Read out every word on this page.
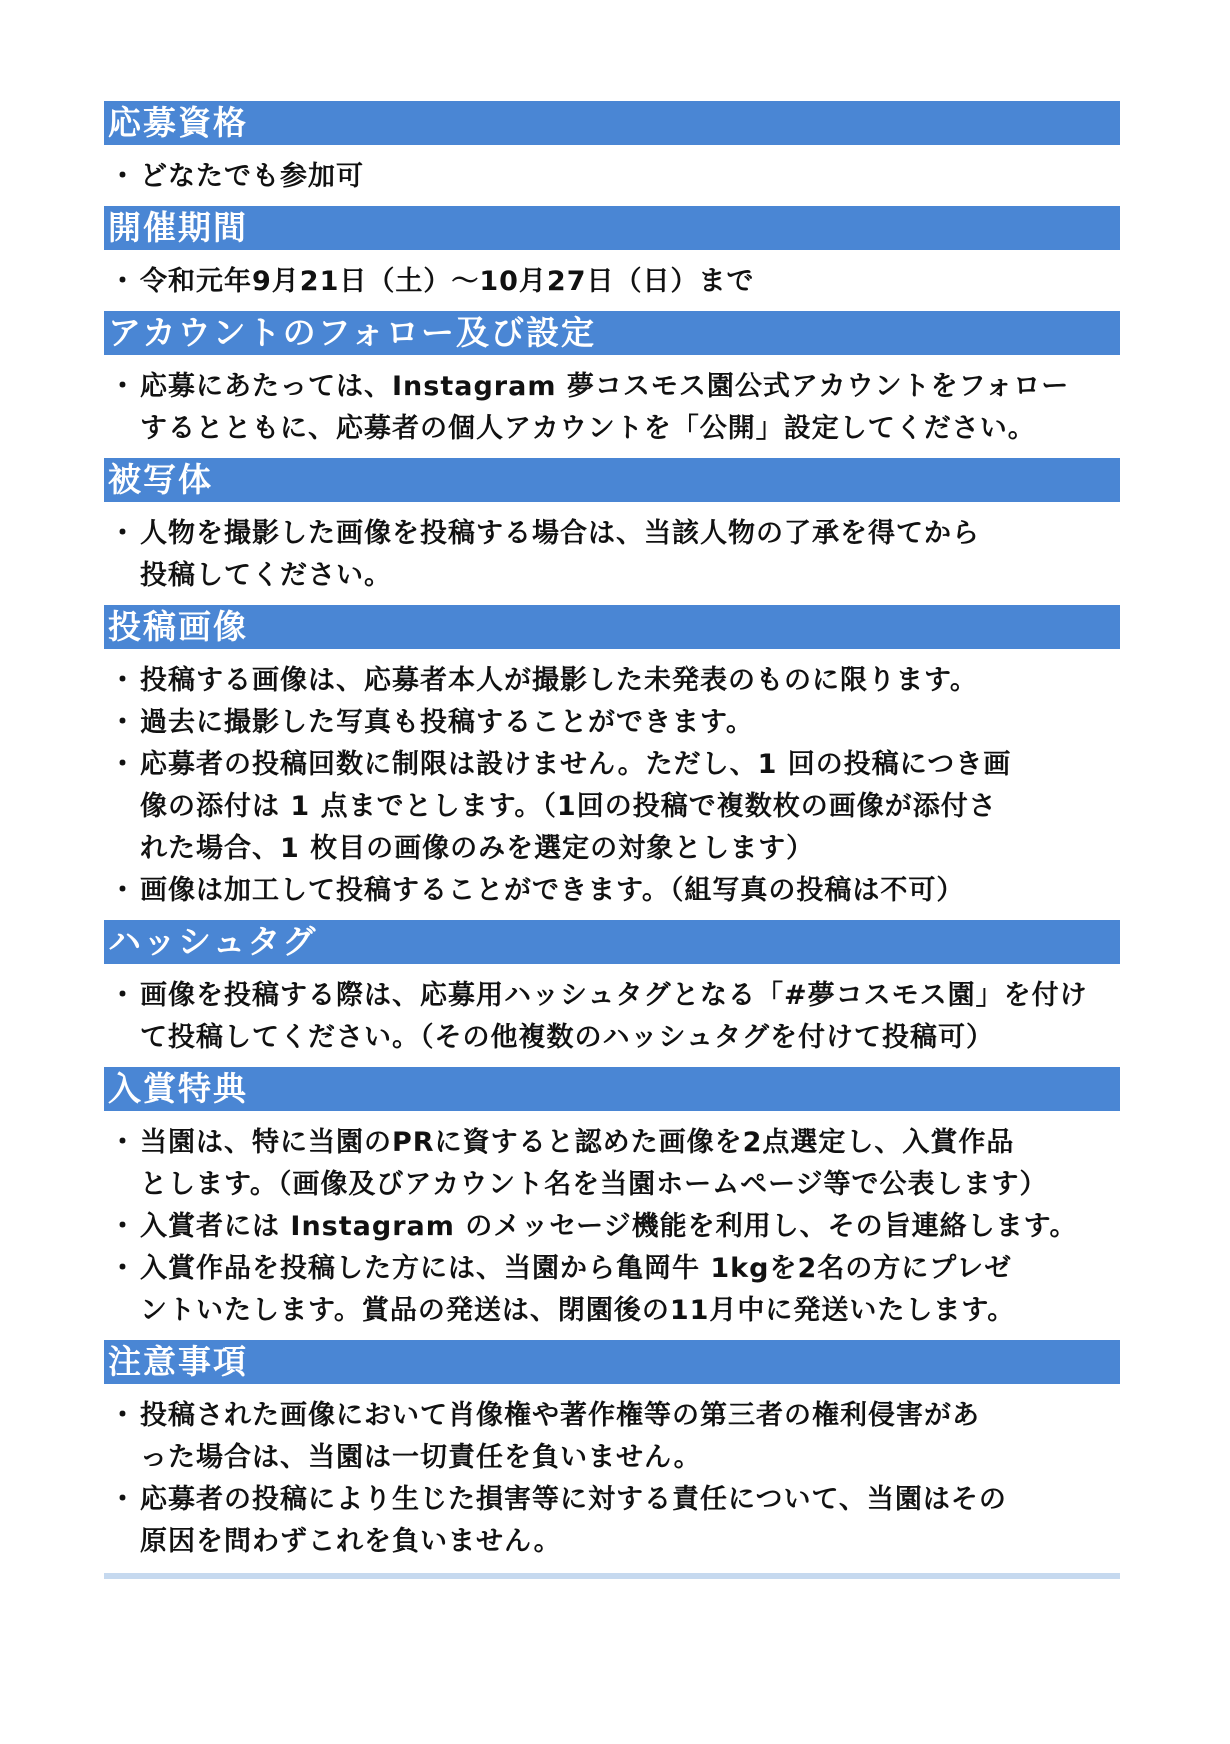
応募資格
・ どなたでも参加可
開催期間
・ 令和元年9月21日（土）～10月27日（日）まで
アカウントのフォロー及び設定
・ 応募にあたっては、Instagram 夢コスモス園公式アカウントをフォロー
するとともに、応募者の個人アカウントを「公開」設定してください。
被写体
・ 人物を撮影した画像を投稿する場合は、当該人物の了承を得てから
投稿してください。
投稿画像
・ 投稿する画像は、応募者本人が撮影した未発表のものに限ります。
・ 過去に撮影した写真も投稿することができます。
・ 応募者の投稿回数に制限は設けません。ただし、1 回の投稿につき画
像の添付は 1 点までとします。（1回の投稿で複数枚の画像が添付さ
れた場合、1 枚目の画像のみを選定の対象とします）
・ 画像は加工して投稿することができます。（組写真の投稿は不可）
ハッシュタグ
・ 画像を投稿する際は、応募用ハッシュタグとなる「#夢コスモス園」を付け
て投稿してください。（その他複数のハッシュタグを付けて投稿可）
入賞特典
・ 当園は、特に当園のPRに資すると認めた画像を2点選定し、入賞作品
とします。（画像及びアカウント名を当園ホームページ等で公表します）
・ 入賞者には Instagram のメッセージ機能を利用し、その旨連絡します。
・ 入賞作品を投稿した方には、当園から亀岡牛 1kgを2名の方にプレゼ
ントいたします。賞品の発送は、閉園後の11月中に発送いたします。
注意事項
・ 投稿された画像において肖像権や著作権等の第三者の権利侵害があ
った場合は、当園は一切責任を負いません。
・ 応募者の投稿により生じた損害等に対する責任について、当園はその
原因を問わずこれを負いません。
